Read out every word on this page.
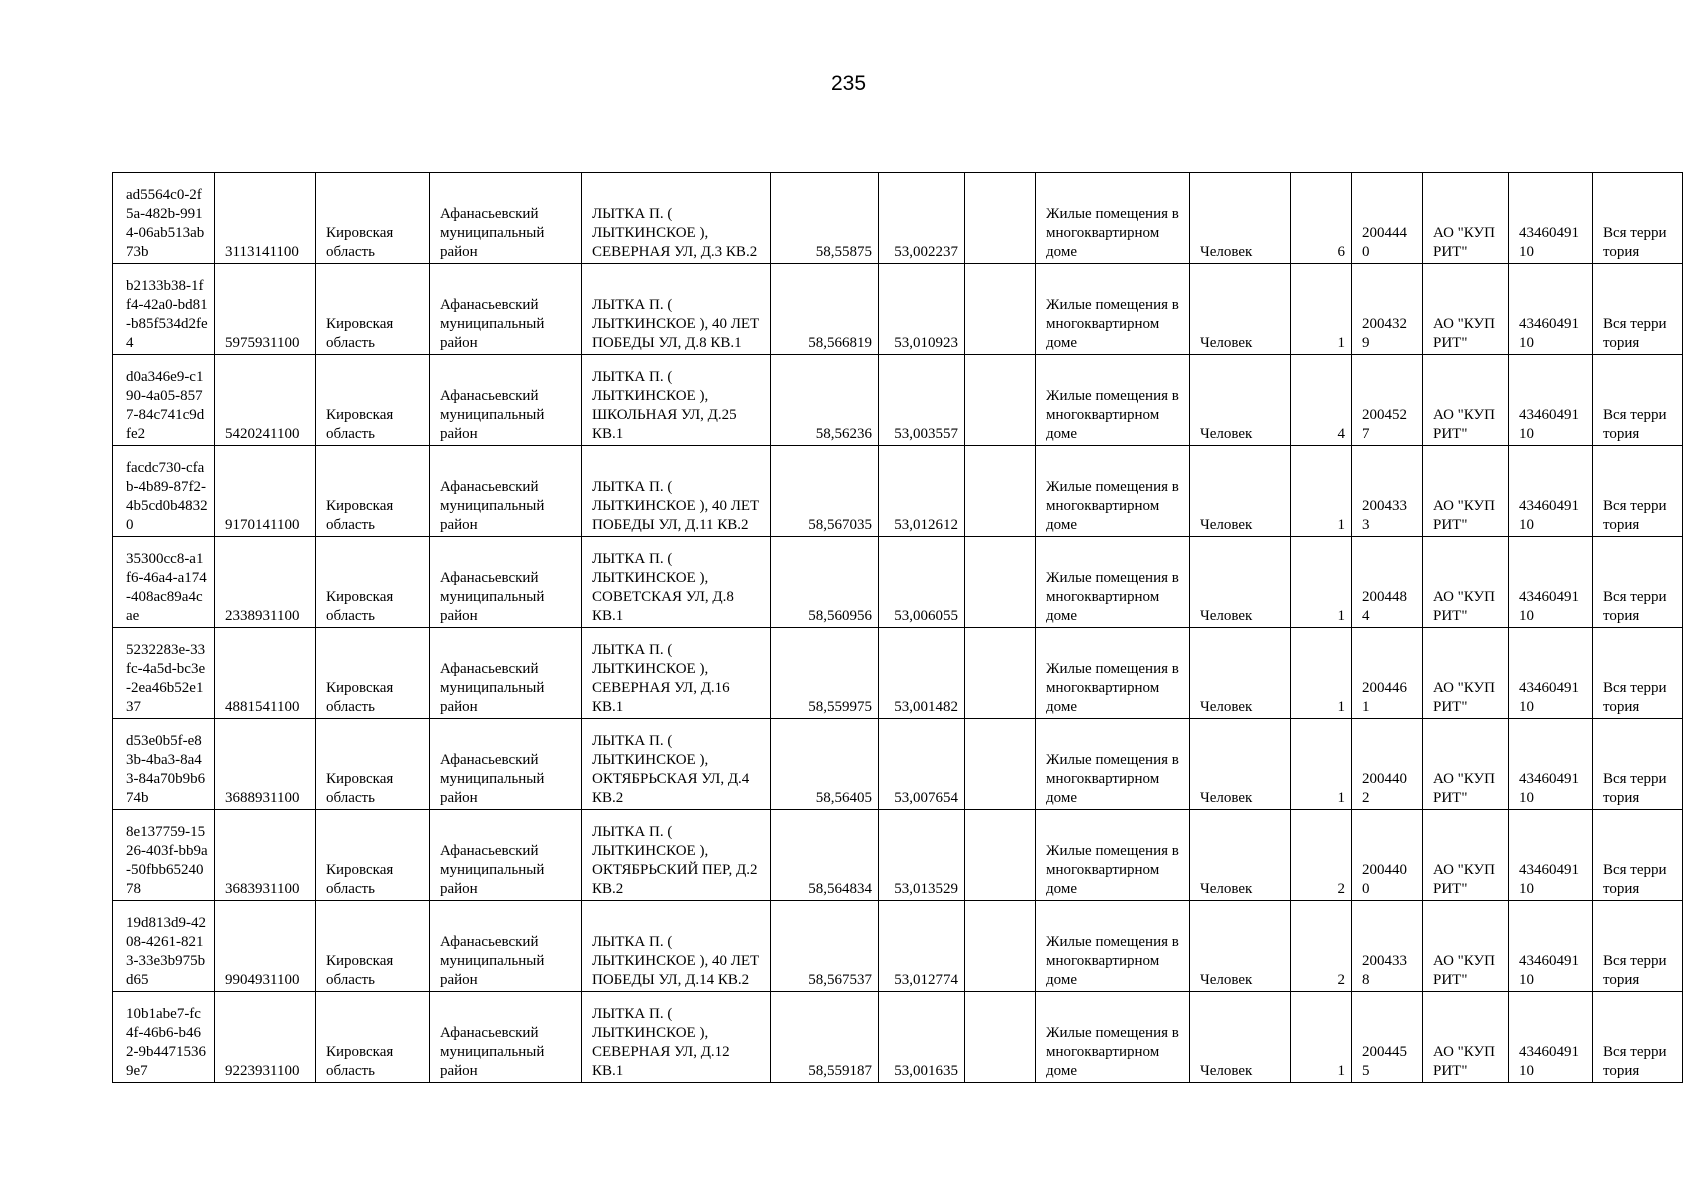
235
ad5564c0-2f5a-482b-9914-06ab513ab73b	3113141100	Кировская область	Афанасьевский муниципальный район	ЛЫТКА П. ( ЛЫТКИНСКОЕ ), СЕВЕРНАЯ УЛ, Д.3 КВ.2	58,55875	53,002237		Жилые помещения в многоквартирном доме	Человек	6	2004440	АО "КУПРИТ"	4346049110	Вся территория
b2133b38-1ff4-42a0-bd81-b85f534d2fe4	5975931100	Кировская область	Афанасьевский муниципальный район	ЛЫТКА П. ( ЛЫТКИНСКОЕ ), 40 ЛЕТ ПОБЕДЫ УЛ, Д.8 КВ.1	58,566819	53,010923		Жилые помещения в многоквартирном доме	Человек	1	2004329	АО "КУПРИТ"	4346049110	Вся территория
d0a346e9-c190-4a05-8577-84c741c9dfe2	5420241100	Кировская область	Афанасьевский муниципальный район	ЛЫТКА П. ( ЛЫТКИНСКОЕ ), ШКОЛЬНАЯ УЛ, Д.25 КВ.1	58,56236	53,003557		Жилые помещения в многоквартирном доме	Человек	4	2004527	АО "КУПРИТ"	4346049110	Вся территория
facdc730-cfab-4b89-87f2-4b5cd0b48320	9170141100	Кировская область	Афанасьевский муниципальный район	ЛЫТКА П. ( ЛЫТКИНСКОЕ ), 40 ЛЕТ ПОБЕДЫ УЛ, Д.11 КВ.2	58,567035	53,012612		Жилые помещения в многоквартирном доме	Человек	1	2004333	АО "КУПРИТ"	4346049110	Вся территория
35300cc8-a1f6-46a4-a174-408ac89a4cae	2338931100	Кировская область	Афанасьевский муниципальный район	ЛЫТКА П. ( ЛЫТКИНСКОЕ ), СОВЕТСКАЯ УЛ, Д.8 КВ.1	58,560956	53,006055		Жилые помещения в многоквартирном доме	Человек	1	2004484	АО "КУПРИТ"	4346049110	Вся территория
5232283e-33fc-4a5d-bc3e-2ea46b52e137	4881541100	Кировская область	Афанасьевский муниципальный район	ЛЫТКА П. ( ЛЫТКИНСКОЕ ), СЕВЕРНАЯ УЛ, Д.16 КВ.1	58,559975	53,001482		Жилые помещения в многоквартирном доме	Человек	1	2004461	АО "КУПРИТ"	4346049110	Вся территория
d53e0b5f-e83b-4ba3-8a43-84a70b9b674b	3688931100	Кировская область	Афанасьевский муниципальный район	ЛЫТКА П. ( ЛЫТКИНСКОЕ ), ОКТЯБРЬСКАЯ УЛ, Д.4 КВ.2	58,56405	53,007654		Жилые помещения в многоквартирном доме	Человек	1	2004402	АО "КУПРИТ"	4346049110	Вся территория
8e137759-1526-403f-bb9a-50fbb6524078	3683931100	Кировская область	Афанасьевский муниципальный район	ЛЫТКА П. ( ЛЫТКИНСКОЕ ), ОКТЯБРЬСКИЙ ПЕР, Д.2 КВ.2	58,564834	53,013529		Жилые помещения в многоквартирном доме	Человек	2	2004400	АО "КУПРИТ"	4346049110	Вся территория
19d813d9-4208-4261-8213-33e3b975bd65	9904931100	Кировская область	Афанасьевский муниципальный район	ЛЫТКА П. ( ЛЫТКИНСКОЕ ), 40 ЛЕТ ПОБЕДЫ УЛ, Д.14 КВ.2	58,567537	53,012774		Жилые помещения в многоквартирном доме	Человек	2	2004338	АО "КУПРИТ"	4346049110	Вся территория
10b1abe7-fc4f-46b6-b462-9b44715369e7	9223931100	Кировская область	Афанасьевский муниципальный район	ЛЫТКА П. ( ЛЫТКИНСКОЕ ), СЕВЕРНАЯ УЛ, Д.12 КВ.1	58,559187	53,001635		Жилые помещения в многоквартирном доме	Человек	1	2004455	АО "КУПРИТ"	4346049110	Вся территория
